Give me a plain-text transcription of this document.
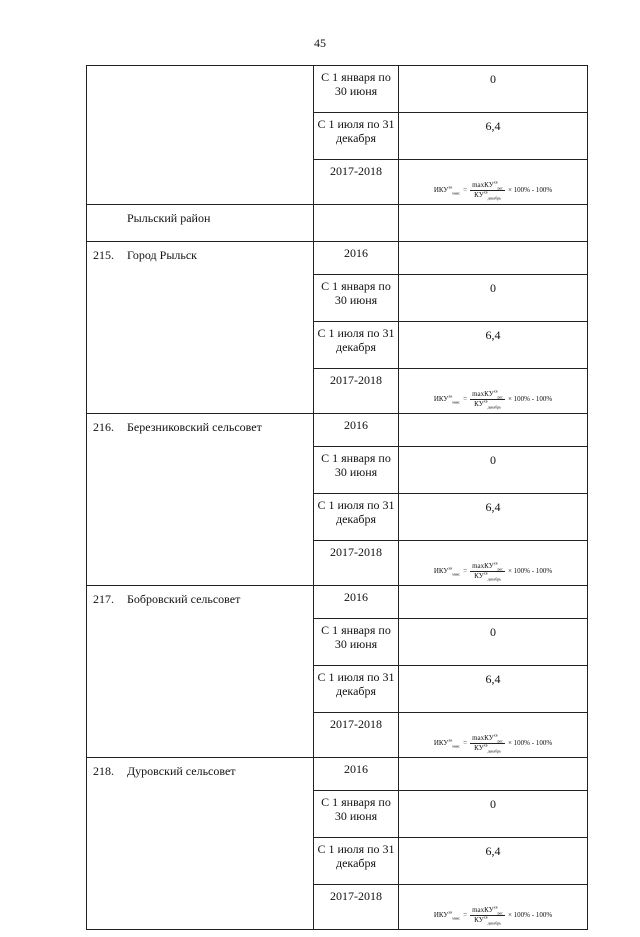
45
	С 1 января по 30 июня	0
	С 1 июля по 31 декабря	6,4
	2017-2018	$ИКУ^{хв}_{макс} = \frac{\max КУ^{хв}_{рег}}{КУ^{хв}_{декабрь}} \times 100\% - 100\%$

Рыльский район		
215. Город Рыльск	2016	
	С 1 января по 30 июня	0
	С 1 июля по 31 декабря	6,4
	2017-2018	$ИКУ^{хв}_{макс} = \frac{\max КУ^{хв}_{рег}}{КУ^{хв}_{декабрь}} \times 100\% - 100\%$

216. Березниковский сельсовет	2016	
	С 1 января по 30 июня	0
	С 1 июля по 31 декабря	6,4
	2017-2018	$ИКУ^{хв}_{макс} = \frac{\max КУ^{хв}_{рег}}{КУ^{хв}_{декабрь}} \times 100\% - 100\%$

217. Бобровский сельсовет	2016	
	С 1 января по 30 июня	0
	С 1 июля по 31 декабря	6,4
	2017-2018	$ИКУ^{хв}_{макс} = \frac{\max КУ^{хв}_{рег}}{КУ^{хв}_{декабрь}} \times 100\% - 100\%$

218. Дуровский сельсовет	2016	
	С 1 января по 30 июня	0
	С 1 июля по 31 декабря	6,4
	2017-2018	$ИКУ^{хв}_{макс} = \frac{\max КУ^{хв}_{рег}}{КУ^{хв}_{декабрь}} \times 100\% - 100\%$
